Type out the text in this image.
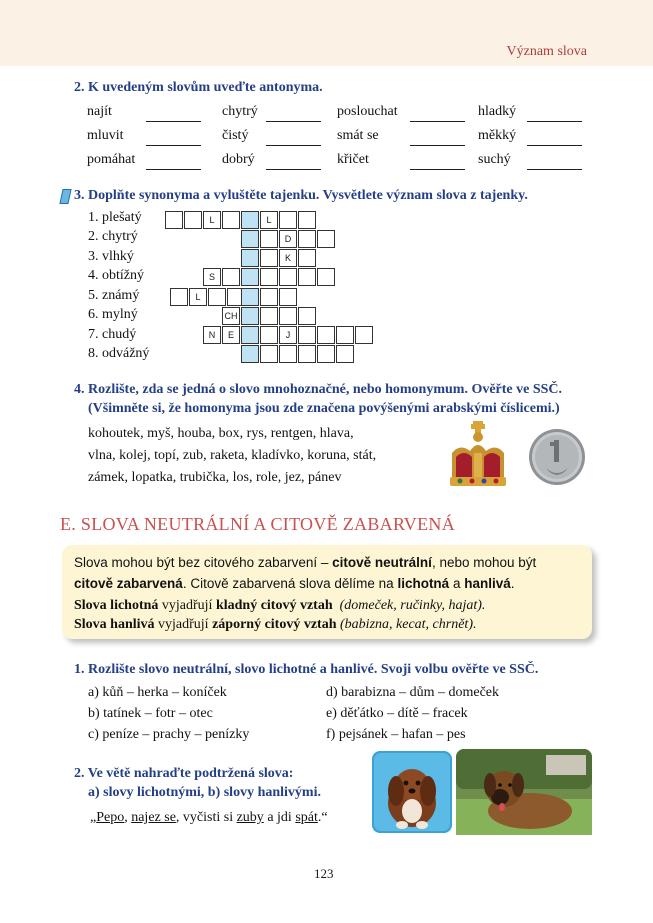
Význam slova
2. K uvedeným slovům uveďte antonyma.
najít	chytrý	poslouchat	hladký
mluvit	čistý	smát se	měkký
pomáhat	dobrý	křičet	suchý
3. Doplňte synonyma a vyluštěte tajenku. Vysvětlete význam slova z tajenky.
1. plešatý
2. chytrý
3. vlhký
4. obtížný
5. známý
6. mylný
7. chudý
8. odvážný
L	L
D
K
S
L
CH
N	E	J
4. Rozlište, zda se jedná o slovo mnohoznačné, nebo homonymum. Ověřte ve SSČ.
(Všimněte si, že homonyma jsou zde značena povýšenými arabskými číslicemi.)
kohoutek, myš, houba, box, rys, rentgen, hlava,
vlna, kolej, topí, zub, raketa, kladívko, koruna, stát,
zámek, lopatka, trubička, los, role, jez, pánev
E. SLOVA NEUTRÁLNÍ A CITOVĚ ZABARVENÁ
Slova mohou být bez citového zabarvení – citově neutrální, nebo mohou být
citově zabarvená. Citově zabarvená slova dělíme na lichotná a hanlivá.
Slova lichotná vyjadřují kladný citový vztah (domeček, ručinky, hajat).
Slova hanlivá vyjadřují záporný citový vztah (babizna, kecat, chrnět).
1. Rozlište slovo neutrální, slovo lichotné a hanlivé. Svoji volbu ověřte ve SSČ.
a) kůň – herka – koníček
b) tatínek – fotr – otec
c) peníze – prachy – penízky
d) barabizna – dům – domeček
e) děťátko – dítě – fracek
f) pejsánek – hafan – pes
2. Ve větě nahraďte podtržená slova:
a) slovy lichotnými, b) slovy hanlivými.
„Pepo, najez se, vyčisti si zuby a jdi spát.“
123
